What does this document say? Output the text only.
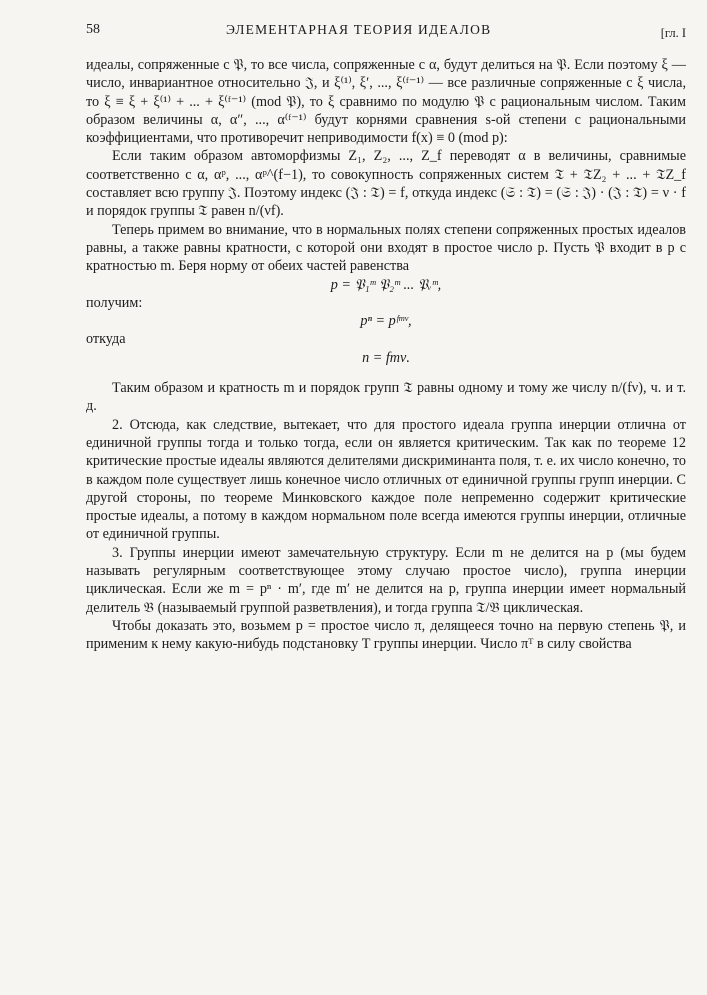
58	ЭЛЕМЕНТАРНАЯ ТЕОРИЯ ИДЕАЛОВ	[гл. I

идеалы, сопряженные с 𝔓, то все числа, сопряженные с α, будут делиться на 𝔓. Если поэтому ξ — число, инвариантное относительно 𝔍, и ξ⁽¹⁾, ξ′, ..., ξ⁽ᶠ⁻¹⁾ — все различные сопряженные с ξ числа, то ξ ≡ ξ + ξ⁽¹⁾ + ... + ξ⁽ᶠ⁻¹⁾ (mod 𝔓), то ξ сравнимо по модулю 𝔓 с рациональным числом. Таким образом величины α, α″, ..., α⁽ᶠ⁻¹⁾ будут корнями сравнения s-ой степени с рациональными коэффициентами, что противоречит неприводимости f(x) ≡ 0 (mod p):

Если таким образом автоморфизмы Z₁, Z₂, ..., Z_f переводят α в величины, сравнимые соответственно с α, αᵖ, ..., αᵖ^(f−1), то совокупность сопряженных систем 𝔗 + 𝔗Z₂ + ... + 𝔗Z_f составляет всю группу 𝔍. Поэтому индекс (𝔍 : 𝔗) = f, откуда индекс (𝔖 : 𝔗) = (𝔖 : 𝔍) · (𝔍 : 𝔗) = ν · f и порядок группы 𝔗 равен n/(νf).

Теперь примем во внимание, что в нормальных полях степени сопряженных простых идеалов равны, а также равны кратности, с которой они входят в простое число p. Пусть 𝔓 входит в p с кратностью m. Беря норму от обеих частей равенства

p = 𝔓₁ᵐ 𝔓₂ᵐ ... 𝔓ᵥᵐ,

получим:

pⁿ = pᶠᵐᵛ,

откуда

n = fmν.

Таким образом и кратность m и порядок групп 𝔗 равны одному и тому же числу n/(fν), ч. и т. д.

2. Отсюда, как следствие, вытекает, что для простого идеала группа инерции отлична от единичной группы тогда и только тогда, если он является критическим. Так как по теореме 12 критические простые идеалы являются делителями дискриминанта поля, т. е. их число конечно, то в каждом поле существует лишь конечное число отличных от единичной группы групп инерции. С другой стороны, по теореме Минковского каждое поле непременно содержит критические простые идеалы, а потому в каждом нормальном поле всегда имеются группы инерции, отличные от единичной группы.

3. Группы инерции имеют замечательную структуру. Если m не делится на p (мы будем называть регулярным соответствующее этому случаю простое число), группа инерции циклическая. Если же m = pⁿ · m′, где m′ не делится на p, группа инерции имеет нормальный делитель 𝔅 (называемый группой разветвления), и тогда группа 𝔗/𝔅 циклическая.

Чтобы доказать это, возьмем p = простое число π, делящееся точно на первую степень 𝔓, и применим к нему какую-нибудь подстановку T группы инерции. Число πᵀ в силу свойства
